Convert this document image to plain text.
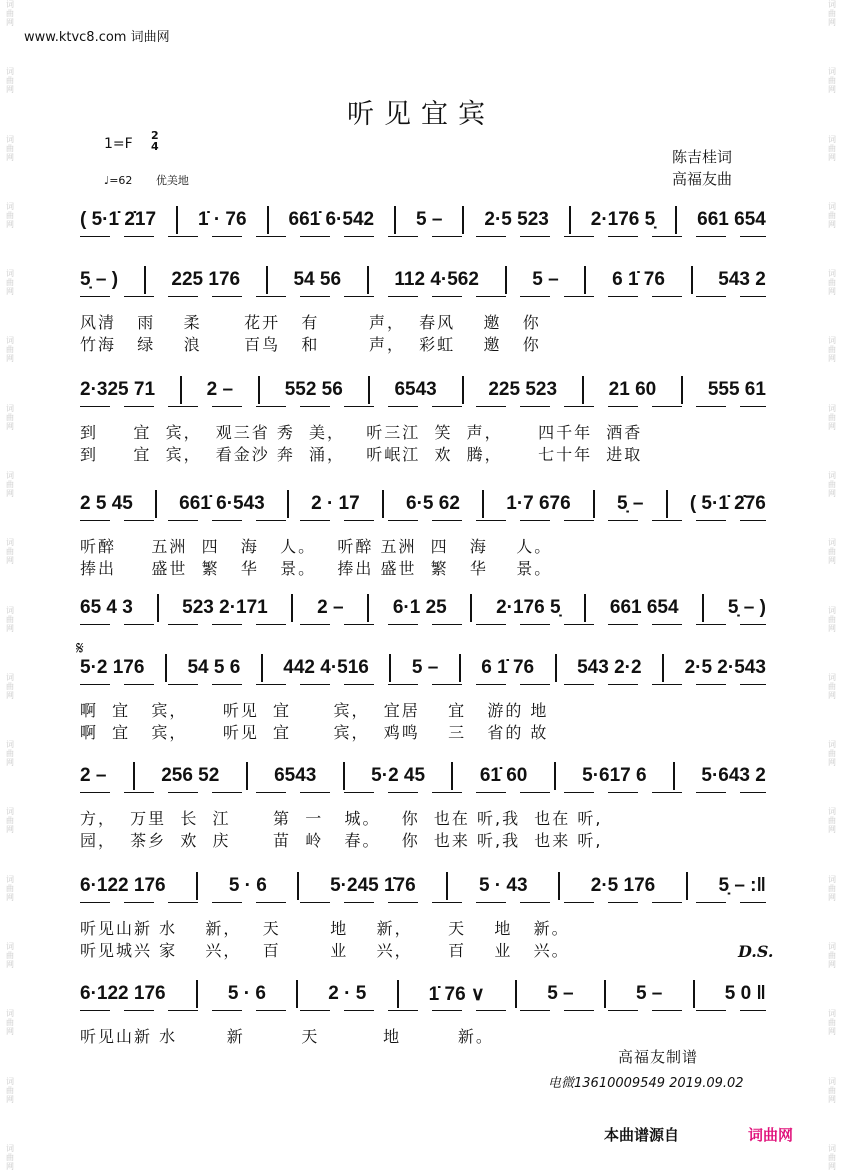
词曲网
词曲网
词曲网
词曲网
词曲网
词曲网
词曲网
词曲网
词曲网
词曲网
词曲网
词曲网
词曲网
词曲网
词曲网
词曲网
词曲网
词曲网
词曲网
词曲网
词曲网
词曲网
词曲网
词曲网
词曲网
词曲网
词曲网
词曲网
词曲网
词曲网
词曲网
词曲网
词曲网
词曲网
词曲网
词曲网
www.ktvc8.com 词曲网
听见宜宾
1=F
2
4
♩=62 优美地
陈吉桂词
高福友曲
( 5·1̇ 2̇17 1̇ · 76 661̇ 6·542 5 – 2·5 523 2·176 5̣ 661 654
5̣ – )	225 176	54 56	112 4·562	5 –	6 1̇ 76	543 2
风清   雨    柔      花开   有       声，  春风    邀   你
竹海   绿    浪      百鸟   和       声，  彩虹    邀   你
2·325 71	2 –	552 56	6543	225 523	21 60	555 61
到     宜  宾，  观三省 秀  美，   听三江  笑  声，     四千年  酒香
到     宜  宾，  看金沙 奔  涌，   听岷江  欢  腾，     七十年  进取
2 5 45 661̇ 6·543 2 · 17 6·5 62 1·7 676 5̣ – ( 5·1̇ 2̇76
听醉     五洲  四   海   人。   听醉 五洲  四   海    人。
捧出     盛世  繁   华   景。   捧出 盛世  繁   华    景。
65 4 3	523 2·171	2 –	6·1 25	2·176 5̣	661 654	5̣ – )
5·2 176 54 5 6 442 4·516 5 – 6 1̇ 76 543 2·2 2·5 2·543
啊  宜   宾，     听见  宜      宾，  宜居    宜   游的 地
啊  宜   宾，     听见  宜      宾，  鸡鸣    三   省的 故
2 –	256 52	6543	5·2 45	61̇ 60	5·617 6	5·643 2
方，  万里  长  江      第  一   城。   你  也在 听,我  也在 听,
园，  茶乡  欢  庆      苗  岭   春。   你  也来 听,我  也来 听,
6·122 176	5 · 6	5·245 1̇76	5 · 43	2·5 176	5̣ – :‖
听见山新 水    新，   天       地    新，     天    地   新。
听见城兴 家    兴，   百       业    兴，     百    业   兴。
6·122 176	5 · 6	2 · 5	1̇ 76 ∨	5 –	5 –	5 0 ‖
听见山新 水       新        天         地        新。
𝄋
D.S.
高福友制谱
电微13610009549 2019.09.02
本曲谱源自	词曲网
